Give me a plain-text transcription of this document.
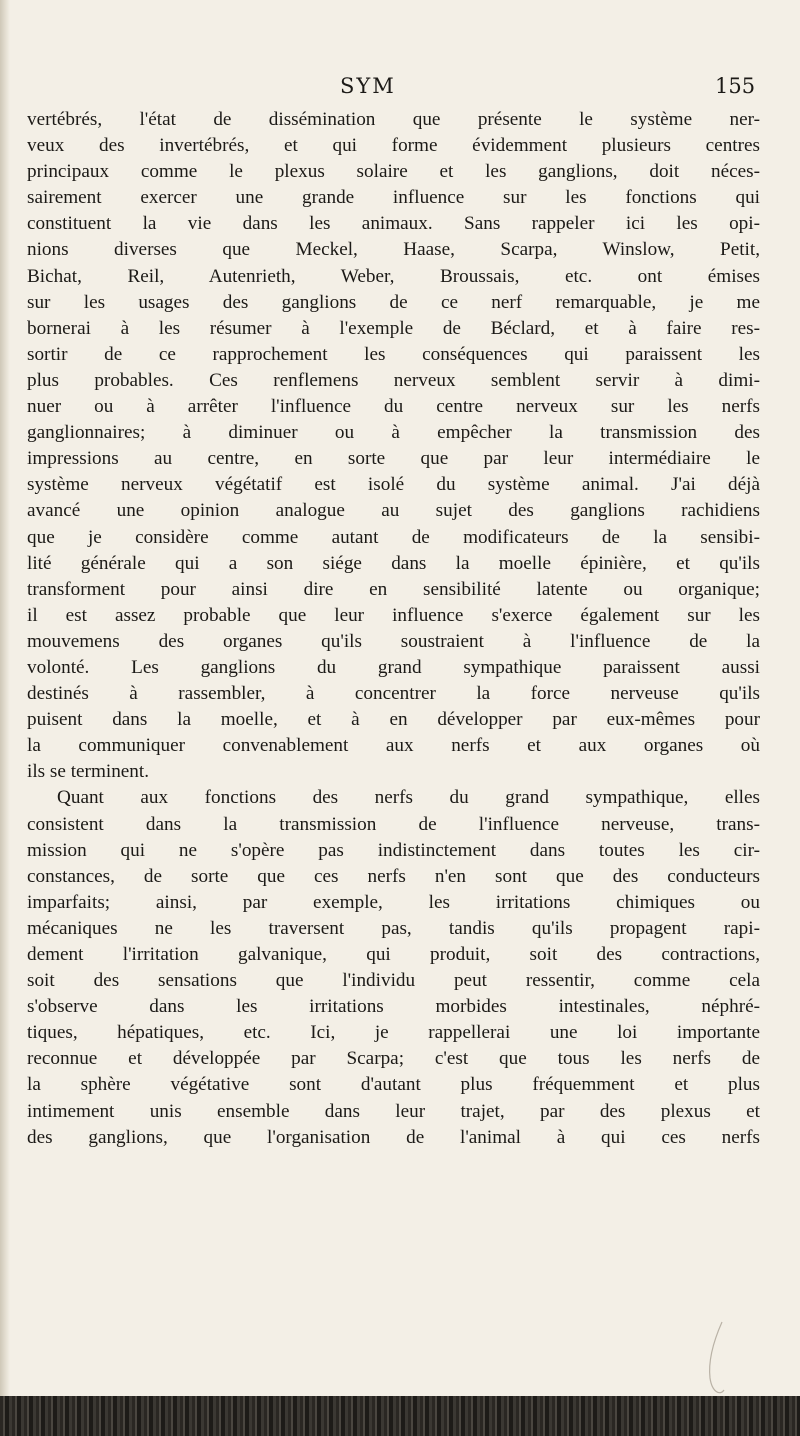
SYM	155
vertébrés, l'état de dissémination que présente le système ner-
veux des invertébrés, et qui forme évidemment plusieurs centres
principaux comme le plexus solaire et les ganglions, doit néces-
sairement exercer une grande influence sur les fonctions qui
constituent la vie dans les animaux. Sans rappeler ici les opi-
nions diverses que Meckel, Haase, Scarpa, Winslow, Petit,
Bichat, Reil, Autenrieth, Weber, Broussais, etc. ont émises
sur les usages des ganglions de ce nerf remarquable, je me
bornerai à les résumer à l'exemple de Béclard, et à faire res-
sortir de ce rapprochement les conséquences qui paraissent les
plus probables. Ces renflemens nerveux semblent servir à dimi-
nuer ou à arrêter l'influence du centre nerveux sur les nerfs
ganglionnaires; à diminuer ou à empêcher la transmission des
impressions au centre, en sorte que par leur intermédiaire le
système nerveux végétatif est isolé du système animal. J'ai déjà
avancé une opinion analogue au sujet des ganglions rachidiens
que je considère comme autant de modificateurs de la sensibi-
lité générale qui a son siége dans la moelle épinière, et qu'ils
transforment pour ainsi dire en sensibilité latente ou organique;
il est assez probable que leur influence s'exerce également sur les
mouvemens des organes qu'ils soustraient à l'influence de la
volonté. Les ganglions du grand sympathique paraissent aussi
destinés à rassembler, à concentrer la force nerveuse qu'ils
puisent dans la moelle, et à en développer par eux-mêmes pour
la communiquer convenablement aux nerfs et aux organes où
ils se terminent.
Quant aux fonctions des nerfs du grand sympathique, elles
consistent dans la transmission de l'influence nerveuse, trans-
mission qui ne s'opère pas indistinctement dans toutes les cir-
constances, de sorte que ces nerfs n'en sont que des conducteurs
imparfaits; ainsi, par exemple, les irritations chimiques ou
mécaniques ne les traversent pas, tandis qu'ils propagent rapi-
dement l'irritation galvanique, qui produit, soit des contractions,
soit des sensations que l'individu peut ressentir, comme cela
s'observe dans les irritations morbides intestinales, néphré-
tiques, hépatiques, etc. Ici, je rappellerai une loi importante
reconnue et développée par Scarpa; c'est que tous les nerfs de
la sphère végétative sont d'autant plus fréquemment et plus
intimement unis ensemble dans leur trajet, par des plexus et
des ganglions, que l'organisation de l'animal à qui ces nerfs
